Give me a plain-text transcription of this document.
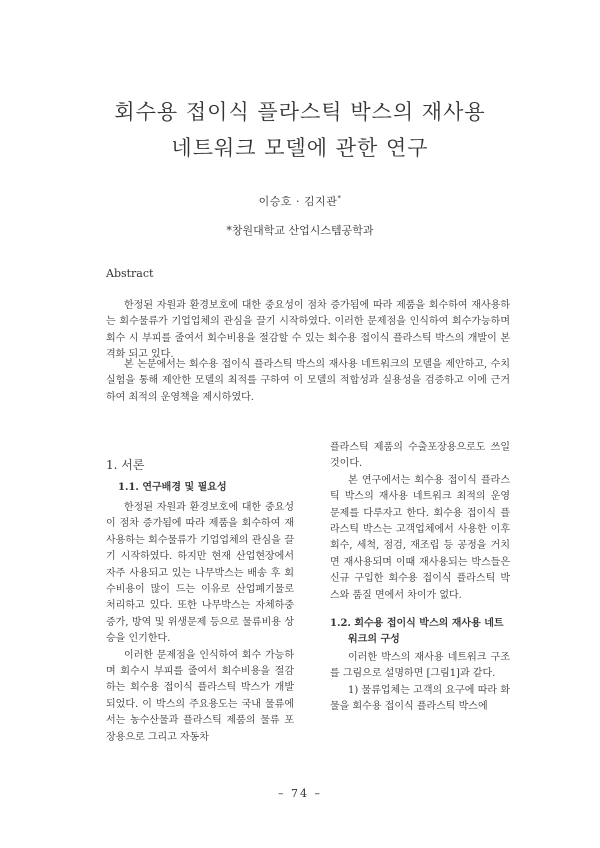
회수용 접이식 플라스틱 박스의 재사용
네트워크 모델에 관한 연구
이승호 · 김지관*
*창원대학교 산업시스템공학과
Abstract

한정된 자원과 환경보호에 대한 중요성이 점차 증가됨에 따라 제품을 회수하여 재사용하는 회수물류가 기업업체의 관심을 끌기 시작하였다. 이러한 문제점을 인식하여 회수가능하며 회수 시 부피를 줄여서 회수비용을 절감할 수 있는 회수용 접이식 플라스틱 박스의 개발이 본격화 되고 있다.

본 논문에서는 회수용 접이식 플라스틱 박스의 재사용 네트워크의 모델을 제안하고, 수치실험을 통해 제안한 모델의 최적를 구하여 이 모델의 적합성과 실용성을 검증하고 이에 근거하여 최적의 운영책을 제시하였다.

1. 서론
1.1. 연구배경 및 필요성

한정된 자원과 환경보호에 대한 중요성이 점차 증가됨에 따라 제품을 회수하여 재사용하는 회수물류가 기업업체의 관심을 끌기 시작하였다. 하지만 현재 산업현장에서 자주 사용되고 있는 나무박스는 배송 후 회수비용이 많이 드는 이유로 산업폐기물로 처리하고 있다. 또한 나무박스는 자체하중 증가, 방역 및 위생문제 등으로 물류비용 상승을 인기한다.

이러한 문제점을 인식하여 회수 가능하며 회수시 부피를 줄여서 회수비용을 절감하는 회수용 접이식 플라스틱 박스가 개발되었다. 이 박스의 주요용도는 국내 물류에서는 농수산물과 플라스틱 제품의 물류 포장용으로 그리고 자동차

플라스틱 제품의 수출포장용으로도 쓰일 것이다.

본 연구에서는 회수용 접이식 플라스틱 박스의 재사용 네트워크 최적의 운영문제를 다루자고 한다. 회수용 접이식 플라스틱 박스는 고객업체에서 사용한 이후 회수, 세척, 점검, 재조립 등 공정을 거치면 재사용되며 이때 재사용되는 박스들은 신규 구입한 회수용 접이식 플라스틱 박스와 품질 면에서 차이가 없다.

1.2. 회수용 접이식 박스의 재사용 네트
워크의 구성

이러한 박스의 재사용 네트워크 구조를 그림으로 설명하면 [그림1]과 같다.

1) 물류업체는 고객의 요구에 따라 화물을 회수용 접이식 플라스틱 박스에

– 74 –
